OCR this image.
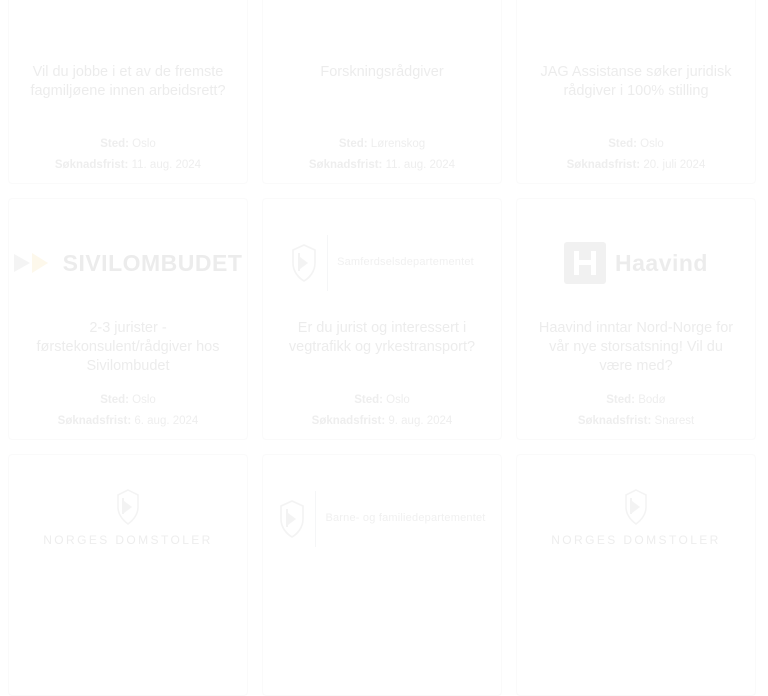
Vil du jobbe i et av de fremste fagmiljøene innen arbeidsrett?
Sted: Oslo
Søknadsfrist: 11. aug. 2024
Forskningsrådgiver
Sted: Lørenskog
Søknadsfrist: 11. aug. 2024
JAG Assistanse søker juridisk rådgiver i 100% stilling
Sted: Oslo
Søknadsfrist: 20. juli 2024
SIVILOMBUDET
2-3 jurister - førstekonsulent/rådgiver hos Sivilombudet
Sted: Oslo
Søknadsfrist: 6. aug. 2024
Samferdselsdepartementet
Er du jurist og interessert i vegtrafikk og yrkestransport?
Sted: Oslo
Søknadsfrist: 9. aug. 2024
Haavind
Haavind inntar Nord-Norge for vår nye storsatsning! Vil du være med?
Sted: Bodø
Søknadsfrist: Snarest
NORGES DOMSTOLER
Barne- og familiedepartementet
NORGES DOMSTOLER
